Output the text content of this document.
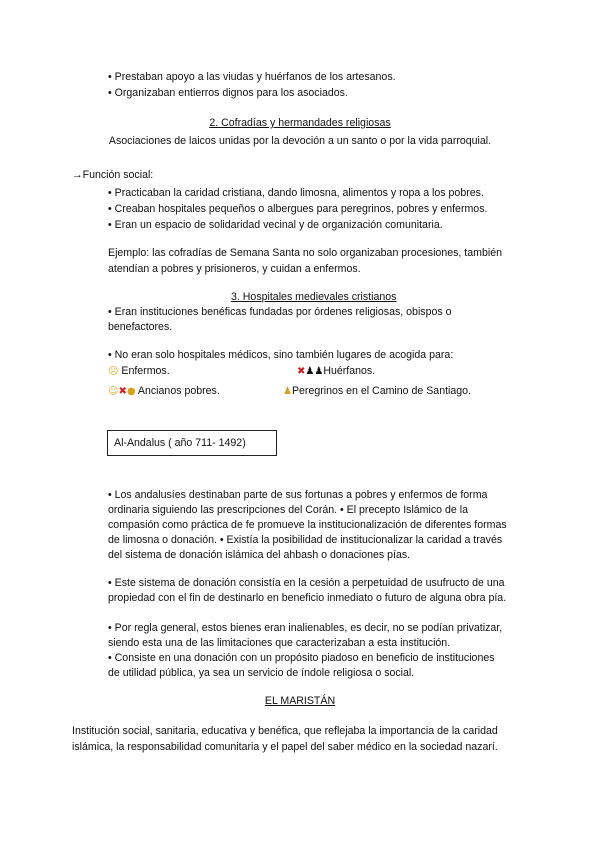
• Prestaban apoyo a las viudas y huérfanos de los artesanos.
• Organizaban entierros dignos para los asociados.
2. Cofradías y hermandades religiosas
Asociaciones de laicos unidas por la devoción a un santo o por la vida parroquial.
→Función social:
• Practicaban la caridad cristiana, dando limosna, alimentos y ropa a los pobres.
• Creaban hospitales pequeños o albergues para peregrinos, pobres y enfermos.
• Eran un espacio de solidaridad vecinal y de organización comunitaria.
Ejemplo: las cofradías de Semana Santa no solo organizaban procesiones, también
atendían a pobres y prisioneros, y cuidan a enfermos.
3. Hospitales medievales cristianos
• Eran instituciones benéficas fundadas por órdenes religiosas, obispos o
benefactores.
• No eran solo hospitales médicos, sino también lugares de acogida para:
☹ Enfermos.	✖♟♟Huérfanos.
☺✖● Ancianos pobres.	♟Peregrinos en el Camino de Santiago.
Al-Andalus ( año 711- 1492)
• Los andalusíes destinaban parte de sus fortunas a pobres y enfermos de forma
ordinaria siguiendo las prescripciones del Corán. • El precepto Islámico de la
compasión como práctica de fe promueve la institucionalización de diferentes formas
de limosna o donación. • Existía la posibilidad de institucionalizar la caridad a través
del sistema de donación islámica del ahbash o donaciones pías.
• Este sistema de donación consistía en la cesión a perpetuidad de usufructo de una
propiedad con el fin de destinarlo en beneficio inmediato o futuro de alguna obra pía.
• Por regla general, estos bienes eran inalienables, es decir, no se podían privatizar,
siendo esta una de las limitaciones que caracterizaban a esta institución.
• Consiste en una donación con un propósito piadoso en beneficio de instituciones
de utilidad pública, ya sea un servicio de índole religiosa o social.
EL MARISTÁN
Institución social, sanitaria, educativa y benéfica, que reflejaba la importancia de la caridad
islámica, la responsabilidad comunitaria y el papel del saber médico en la sociedad nazarí.
